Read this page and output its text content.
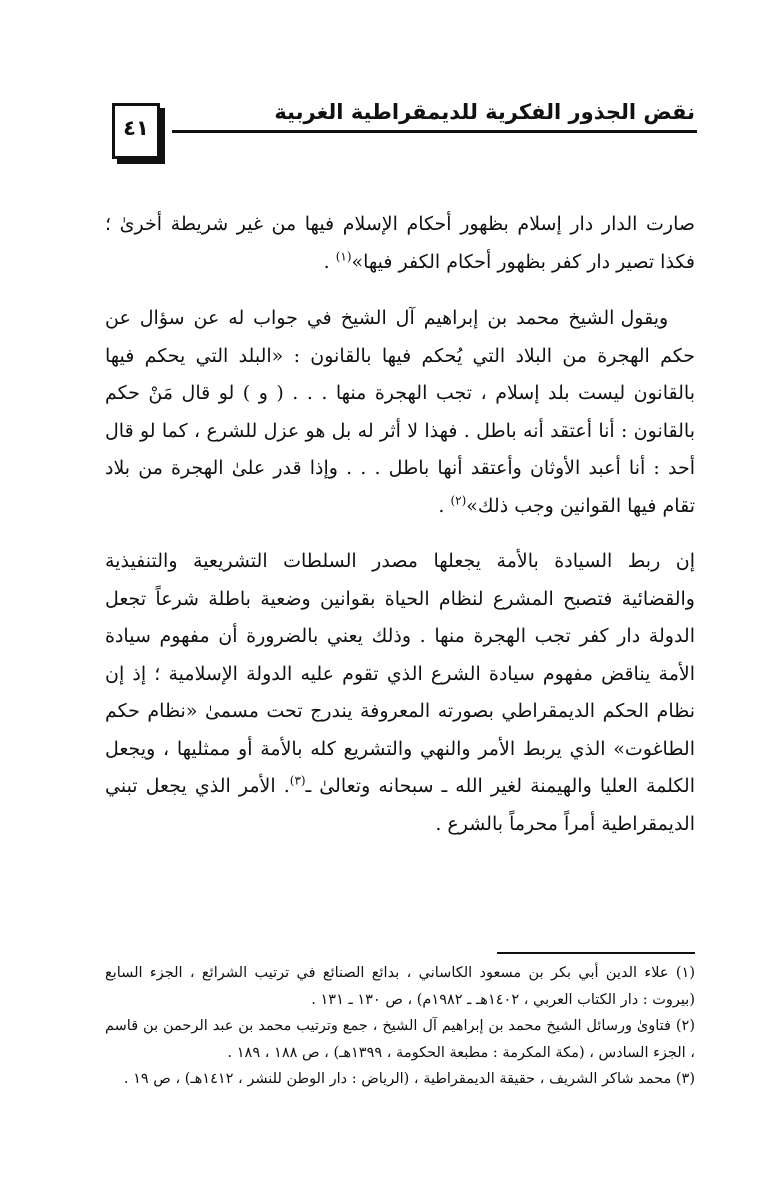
نقض الجذور الفكرية للديمقراطية الغربية
٤١

صارت الدار دار إسلام بظهور أحكام الإسلام فيها من غير شريطة أخرىٰ ؛ فكذا تصير دار كفر بظهور أحكام الكفر فيها»$^{(١)}$ .

ويقول الشيخ محمد بن إبراهيم آل الشيخ في جواب له عن سؤال عن حكم الهجرة من البلاد التي يُحكم فيها بالقانون : «البلد التي يحكم فيها بالقانون ليست بلد إسلام ، تجب الهجرة منها . . . ( و ) لو قال مَنْ حكم بالقانون : أنا أعتقد أنه باطل . فهذا لا أثر له بل هو عزل للشرع ، كما لو قال أحد : أنا أعبد الأوثان وأعتقد أنها باطل . . . وإذا قدر علىٰ الهجرة من بلاد تقام فيها القوانين وجب ذلك»$^{(٢)}$ .

إن ربط السيادة بالأمة يجعلها مصدر السلطات التشريعية والتنفيذية والقضائية فتصبح المشرع لنظام الحياة بقوانين وضعية باطلة شرعاً تجعل الدولة دار كفر تجب الهجرة منها . وذلك يعني بالضرورة أن مفهوم سيادة الأمة يناقض مفهوم سيادة الشرع الذي تقوم عليه الدولة الإسلامية ؛ إذ إن نظام الحكم الديمقراطي بصورته المعروفة يندرج تحت مسمىٰ «نظام حكم الطاغوت» الذي يربط الأمر والنهي والتشريع كله بالأمة أو ممثليها ، ويجعل الكلمة العليا والهيمنة لغير الله ـ سبحانه وتعالىٰ ـ$^{(٣)}$. الأمر الذي يجعل تبني الديمقراطية أمراً محرماً بالشرع .

(١) علاء الدين أبي بكر بن مسعود الكاساني ، بدائع الصنائع في ترتيب الشرائع ، الجزء السابع (بيروت : دار الكتاب العربي ، ١٤٠٢هـ ـ ١٩٨٢م) ، ص ١٣٠ ـ ١٣١ .

(٢) فتاوىٰ ورسائل الشيخ محمد بن إبراهيم آل الشيخ ، جمع وترتيب محمد بن عبد الرحمن بن قاسم ، الجزء السادس ، (مكة المكرمة : مطبعة الحكومة ، ١٣٩٩هـ) ، ص ١٨٨ ، ١٨٩ .

(٣) محمد شاكر الشريف ، حقيقة الديمقراطية ، (الرياض : دار الوطن للنشر ، ١٤١٢هـ) ، ص ١٩ .
